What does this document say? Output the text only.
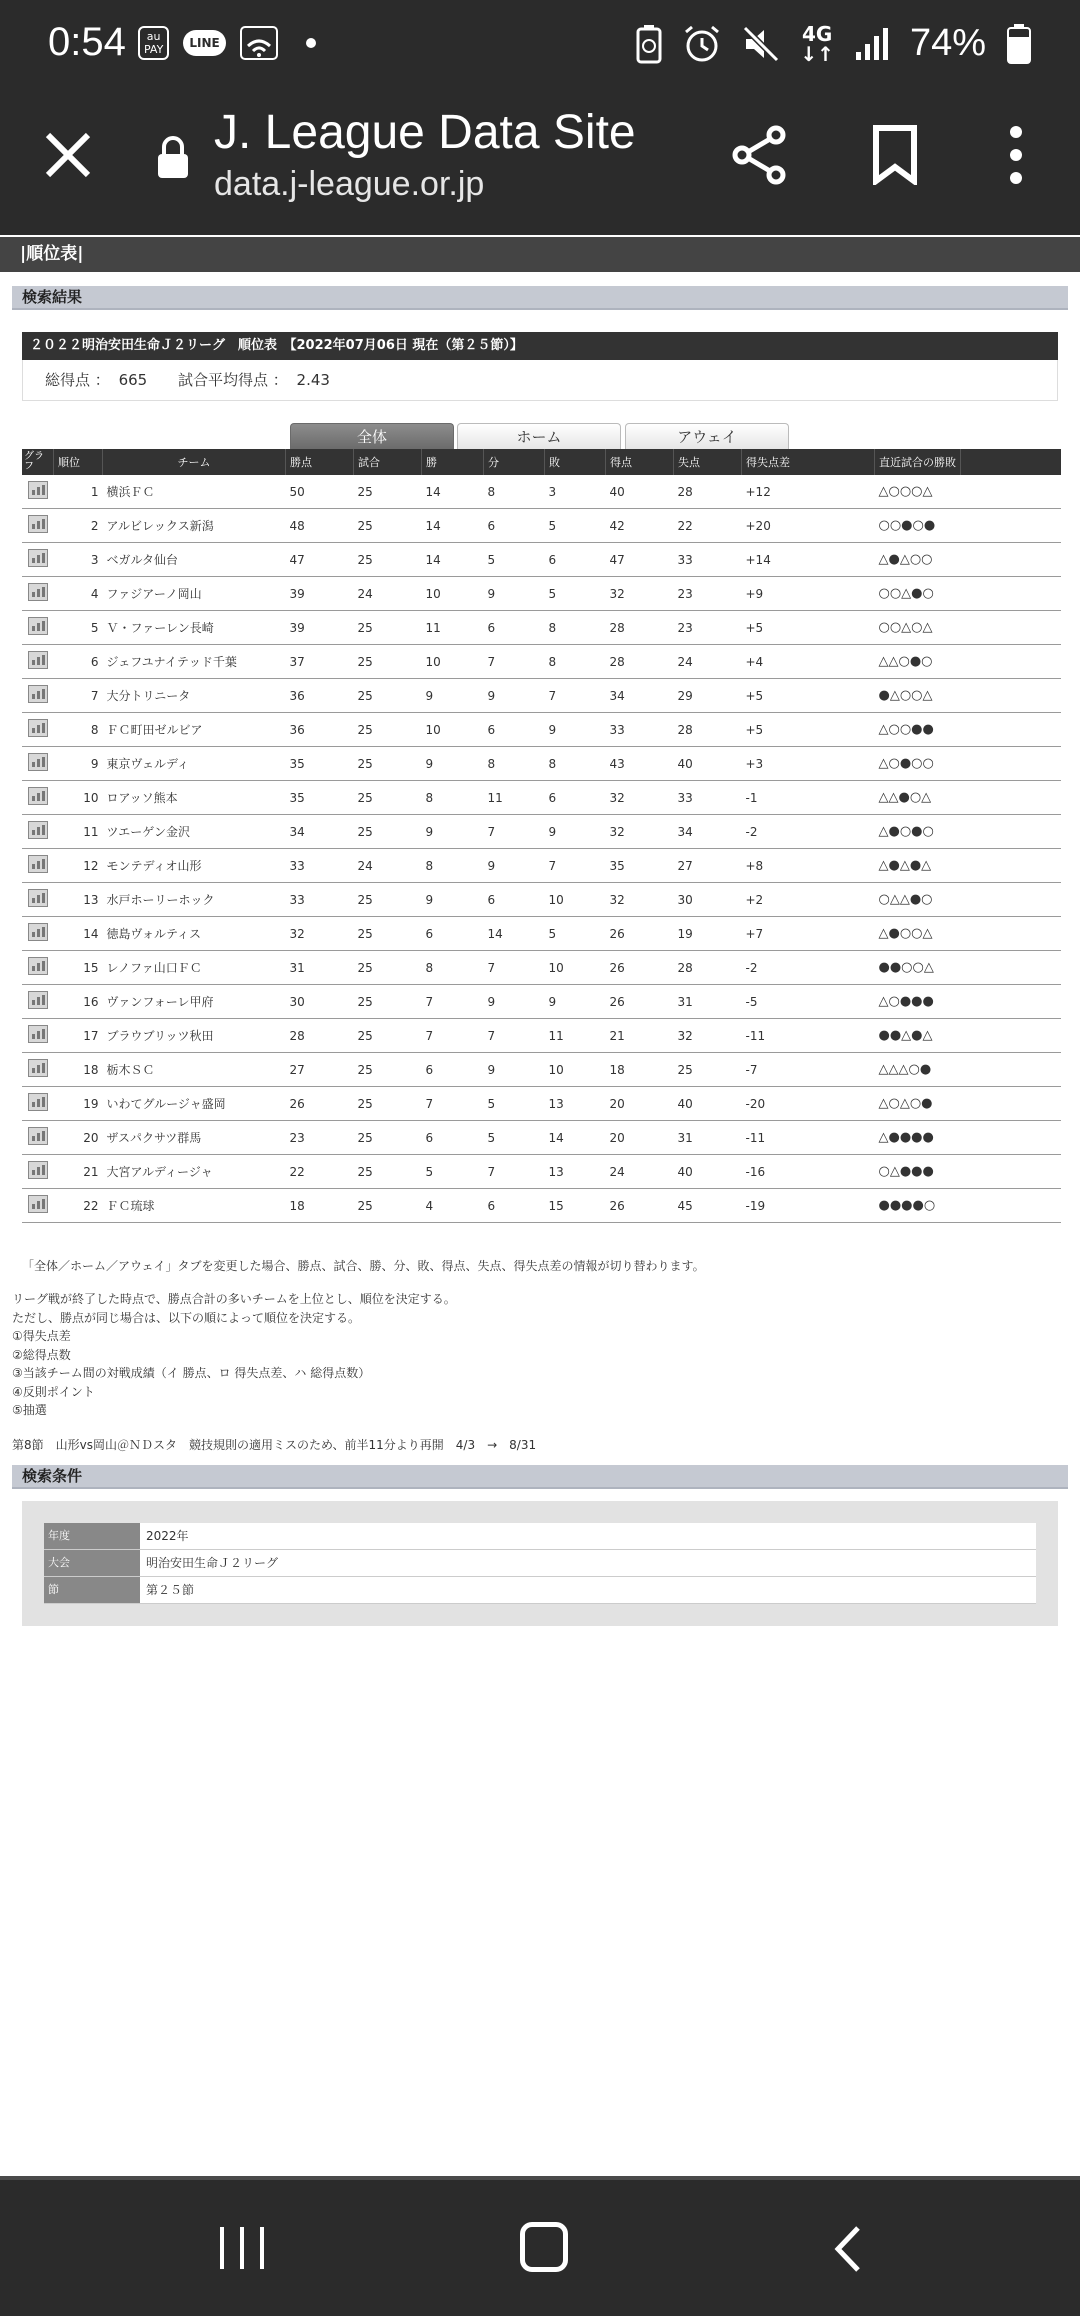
0:54	au
PAY	LINE	4G
↓↑ 74%
J. League Data Site
data.j-league.or.jp
|順位表|
検索結果
２０２２明治安田生命Ｊ２リーグ　順位表　【2022年07月06日 現在（第２５節）】
総得点 ： 665 試合平均得点 ： 2.43
全体	ホーム	アウェイ
グラフ	順位	チーム	勝点	試合	勝	分	敗	得点	失点	得失点差	直近試合の勝敗	

	1	横浜ＦＣ	50	25	14	8	3	40	28	+12	△○○○△	

	2	アルビレックス新潟	48	25	14	6	5	42	22	+20	○○●○●	

	3	ベガルタ仙台	47	25	14	5	6	47	33	+14	△●△○○	

	4	ファジアーノ岡山	39	24	10	9	5	32	23	+9	○○△●○	

	5	Ｖ・ファーレン長崎	39	25	11	6	8	28	23	+5	○○△○△	

	6	ジェフユナイテッド千葉	37	25	10	7	8	28	24	+4	△△○●○	

	7	大分トリニータ	36	25	9	9	7	34	29	+5	●△○○△	

	8	ＦＣ町田ゼルビア	36	25	10	6	9	33	28	+5	△○○●●	

	9	東京ヴェルディ	35	25	9	8	8	43	40	+3	△○●○○	

	10	ロアッソ熊本	35	25	8	11	6	32	33	-1	△△●○△	

	11	ツエーゲン金沢	34	25	9	7	9	32	34	-2	△●○●○	

	12	モンテディオ山形	33	24	8	9	7	35	27	+8	△●△●△	

	13	水戸ホーリーホック	33	25	9	6	10	32	30	+2	○△△●○	

	14	徳島ヴォルティス	32	25	6	14	5	26	19	+7	△●○○△	

	15	レノファ山口ＦＣ	31	25	8	7	10	26	28	-2	●●○○△	

	16	ヴァンフォーレ甲府	30	25	7	9	9	26	31	-5	△○●●●	

	17	ブラウブリッツ秋田	28	25	7	7	11	21	32	-11	●●△●△	

	18	栃木ＳＣ	27	25	6	9	10	18	25	-7	△△△○●	

	19	いわてグルージャ盛岡	26	25	7	5	13	20	40	-20	△○△○●	

	20	ザスパクサツ群馬	23	25	6	5	14	20	31	-11	△●●●●	

	21	大宮アルディージャ	22	25	5	7	13	24	40	-16	○△●●●	

	22	ＦＣ琉球	18	25	4	6	15	26	45	-19	●●●●○	
「全体／ホーム／アウェイ」タブを変更した場合、勝点、試合、勝、分、敗、得点、失点、得失点差の情報が切り替わります。
リーグ戦が終了した時点で、勝点合計の多いチームを上位とし、順位を決定する。
ただし、勝点が同じ場合は、以下の順によって順位を決定する。
①得失点差
②総得点数
③当該チーム間の対戦成績（イ 勝点、ロ 得失点差、ハ 総得点数）
④反則ポイント
⑤抽選
第8節　山形vs岡山＠ＮＤスタ　競技規則の適用ミスのため、前半11分より再開　4/3　→　8/31
検索条件
年度	2022年
大会	明治安田生命Ｊ２リーグ
節	第２５節
